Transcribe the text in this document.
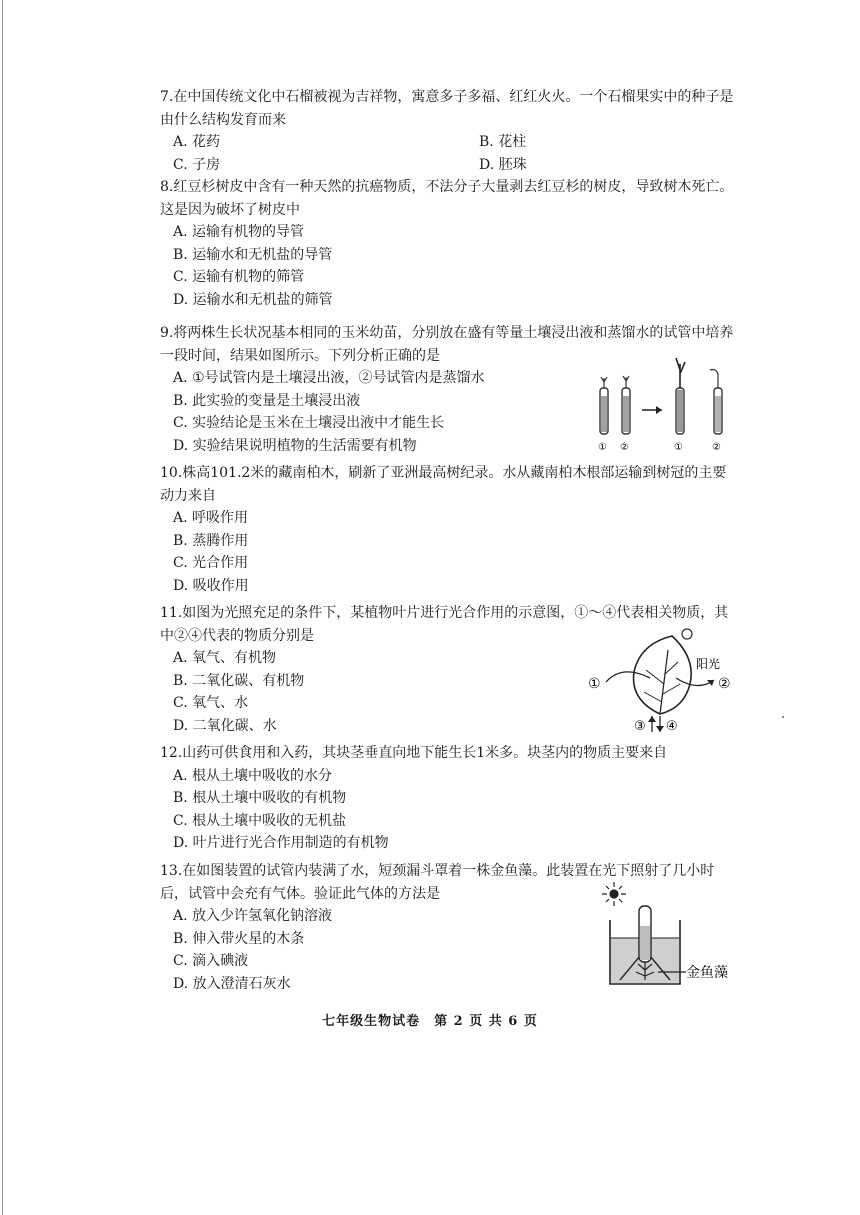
7.在中国传统文化中石榴被视为吉祥物，寓意多子多福、红红火火。一个石榴果实中的种子是由什么结构发育而来

A. 花药	B. 花柱
C. 子房	D. 胚珠

8.红豆杉树皮中含有一种天然的抗癌物质，不法分子大量剥去红豆杉的树皮，导致树木死亡。这是因为破坏了树皮中

A. 运输有机物的导管

B. 运输水和无机盐的导管

C. 运输有机物的筛管

D. 运输水和无机盐的筛管

9.将两株生长状况基本相同的玉米幼苗，分别放在盛有等量土壤浸出液和蒸馏水的试管中培养一段时间，结果如图所示。下列分析正确的是

A. ①号试管内是土壤浸出液，②号试管内是蒸馏水

B. 此实验的变量是土壤浸出液

C. 实验结论是玉米在土壤浸出液中才能生长

D. 实验结果说明植物的生活需要有机物

10.株高101.2米的藏南柏木，刷新了亚洲最高树纪录。水从藏南柏木根部运输到树冠的主要动力来自

A. 呼吸作用

B. 蒸腾作用

C. 光合作用

D. 吸收作用

11.如图为光照充足的条件下，某植物叶片进行光合作用的示意图，①～④代表相关物质，其中②④代表的物质分别是

A. 氧气、有机物

B. 二氧化碳、有机物

C. 氧气、水

D. 二氧化碳、水

12.山药可供食用和入药，其块茎垂直向地下能生长1米多。块茎内的物质主要来自

A. 根从土壤中吸收的水分

B. 根从土壤中吸收的有机物

C. 根从土壤中吸收的无机盐

D. 叶片进行光合作用制造的有机物

13.在如图装置的试管内装满了水，短颈漏斗罩着一株金鱼藻。此装置在光下照射了几小时后，试管中会充有气体。验证此气体的方法是

A. 放入少许氢氧化钠溶液

B. 伸入带火星的木条

C. 滴入碘液

D. 放入澄清石灰水

① ②	①	②
①	②
阳光
③ ④
金鱼藻
七年级生物试卷　第 2 页 共 6 页
